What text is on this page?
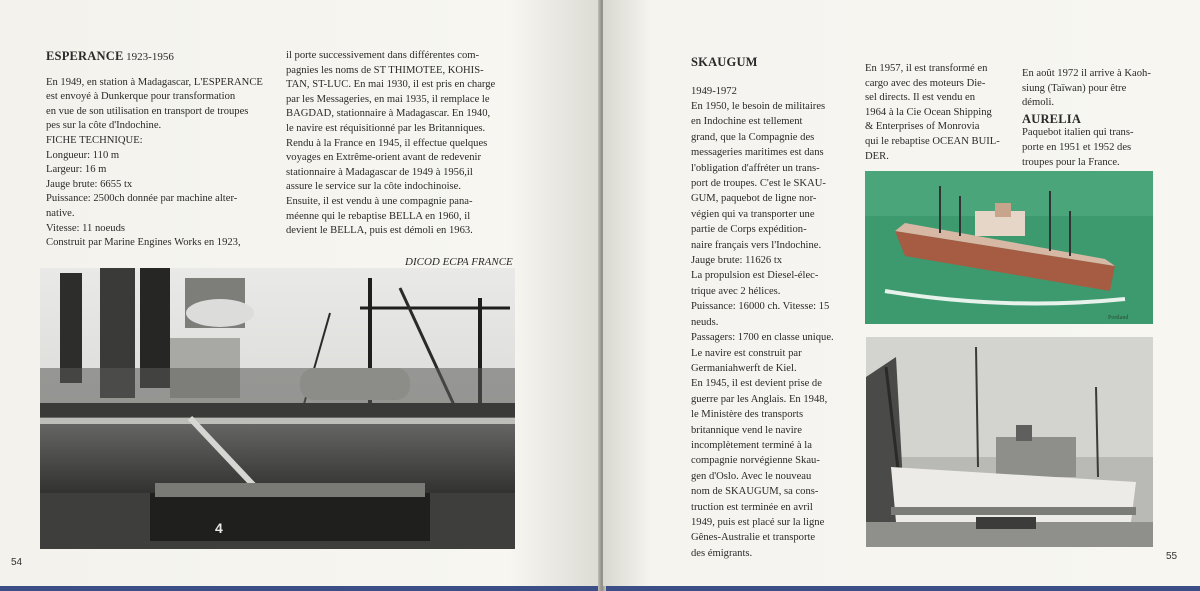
ESPERANCE 1923-1956

En 1949, en station à Madagascar, L'ESPERANCE

est envoyé à Dunkerque pour transformation

en vue de son utilisation en transport de troupes

pes sur la côte d'Indochine.

FICHE TECHNIQUE:

Longueur: 110 m

Largeur: 16 m

Jauge brute: 6655 tx

Puissance: 2500ch donnée par machine alter-

native.

Vitesse: 11 noeuds

Construit par Marine Engines Works en 1923,

il porte successivement dans différentes com-

pagnies les noms de ST THIMOTEE, KOHIS-

TAN, ST-LUC. En mai 1930, il est pris en charge

par les Messageries, en mai 1935, il remplace le

BAGDAD, stationnaire à Madagascar. En 1940,

le navire est réquisitionné par les Britanniques.

Rendu à la France en 1945, il effectue quelques

voyages en Extrême-orient avant de redevenir

stationnaire à Madagascar de 1949 à 1956,il

assure le service sur la côte indochinoise.

Ensuite, il est vendu à une compagnie pana-

méenne qui le rebaptise BELLA en 1960, il

devient le BELLA, puis est démoli en 1963.

DICOD ECPA FRANCE
4
54

SKAUGUM

1949-1972

En 1950, le besoin de militaires

en Indochine est tellement

grand, que la Compagnie des

messageries maritimes est dans

l'obligation d'affréter un trans-

port de troupes. C'est le SKAU-

GUM, paquebot de ligne nor-

végien qui va transporter une

partie de Corps expédition-

naire français vers l'Indochine.

Jauge brute: 11626 tx

La propulsion est Diesel-élec-

trique avec 2 hélices.

Puissance: 16000 ch. Vitesse: 15

neuds.

Passagers: 1700 en classe unique.

Le navire est construit par

Germaniahwerft de Kiel.

En 1945, il est devient prise de

guerre par les Anglais. En 1948,

le Ministère des transports

britannique vend le navire

incomplètement terminé à la

compagnie norvégienne Skau-

gen d'Oslo. Avec le nouveau

nom de SKAUGUM, sa cons-

truction est terminée en avril

1949, puis est placé sur la ligne

Gênes-Australie et transporte

des émigrants.

En 1957, il est transformé en

cargo avec des moteurs Die-

sel directs. Il est vendu en

1964 à la Cie Ocean Shipping

& Enterprises of Monrovia

qui le rebaptise OCEAN BUIL-

DER.

En août 1972 il arrive à Kaoh-

siung (Taïwan) pour être

démoli.

AURELIA

Paquebot italien qui trans-

porte en 1951 et 1952 des

troupes pour la France.

Portland
55
